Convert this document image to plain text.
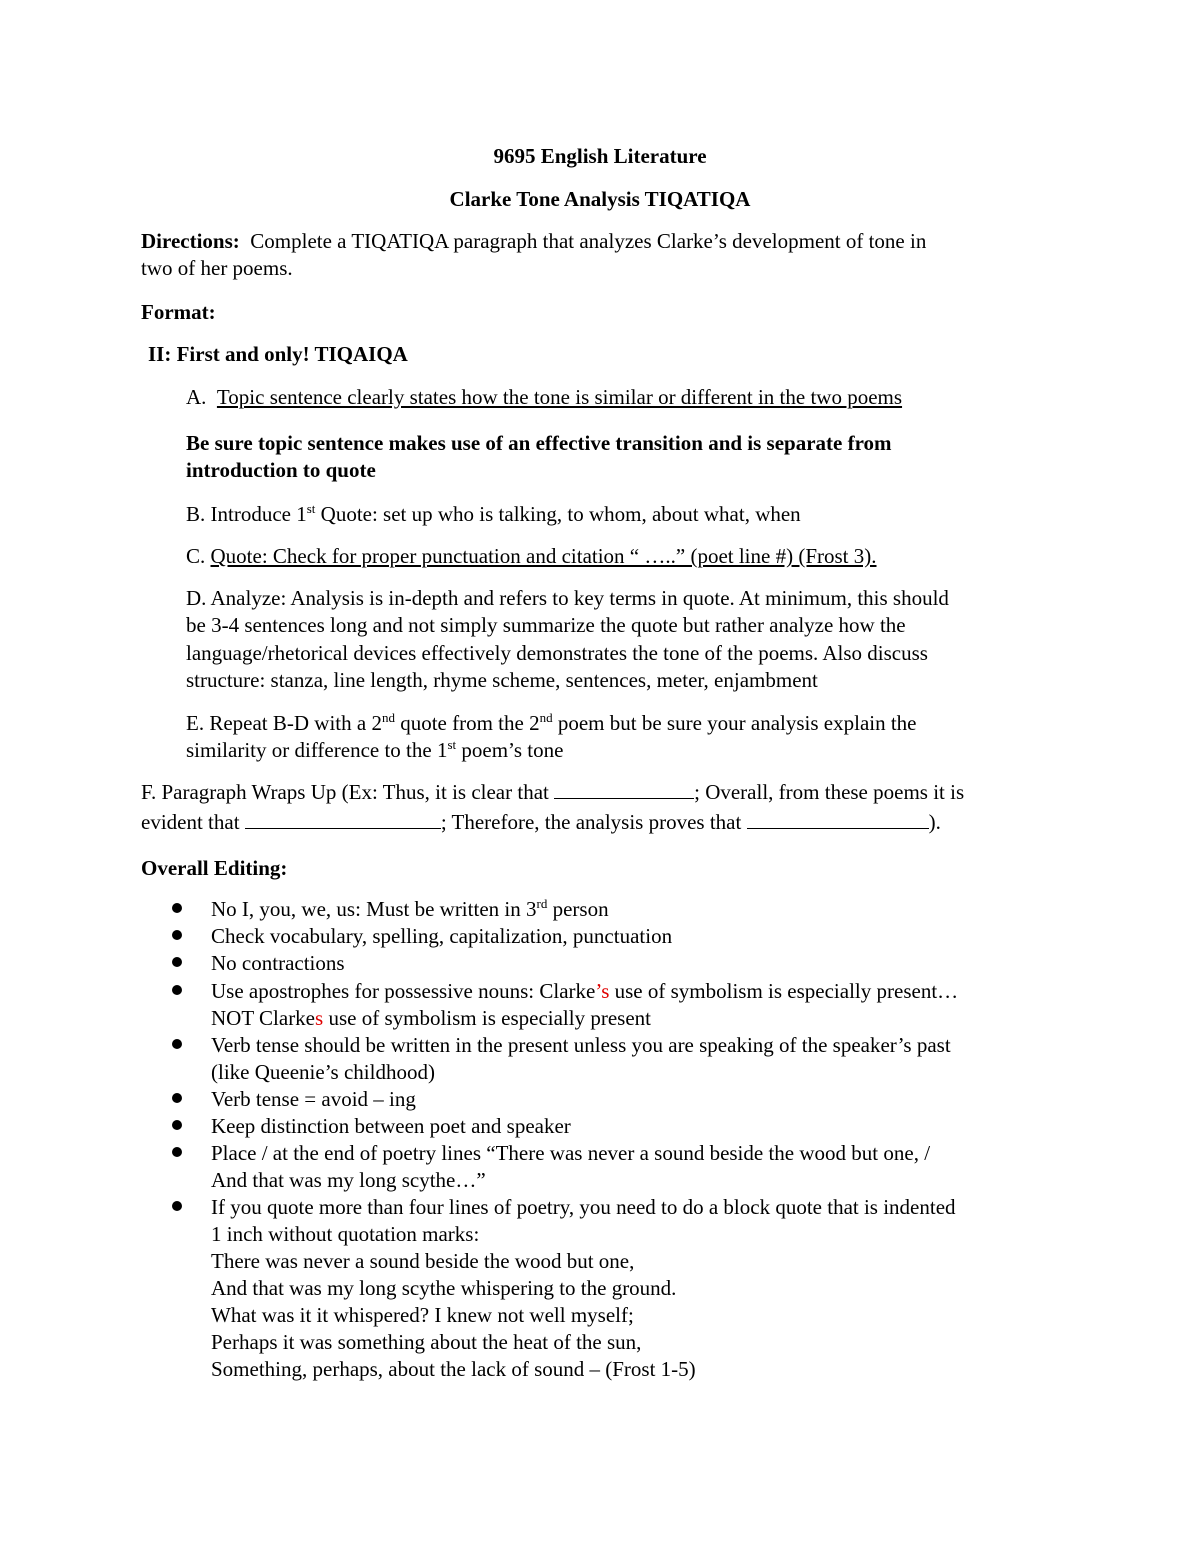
9695 English Literature
Clarke Tone Analysis TIQATIQA
Directions: Complete a TIQATIQA paragraph that analyzes Clarke’s development of tone in
two of her poems.
Format:
II: First and only! TIQAIQA
A. Topic sentence clearly states how the tone is similar or different in the two poems
Be sure topic sentence makes use of an effective transition and is separate from
introduction to quote
B. Introduce 1st Quote: set up who is talking, to whom, about what, when
C. Quote: Check for proper punctuation and citation “ …..” (poet line #) (Frost 3).
D. Analyze: Analysis is in-depth and refers to key terms in quote. At minimum, this should
be 3-4 sentences long and not simply summarize the quote but rather analyze how the
language/rhetorical devices effectively demonstrates the tone of the poems. Also discuss
structure: stanza, line length, rhyme scheme, sentences, meter, enjambment
E. Repeat B-D with a 2nd quote from the 2nd poem but be sure your analysis explain the
similarity or difference to the 1st poem’s tone
F. Paragraph Wraps Up (Ex: Thus, it is clear that	; Overall, from these poems it is
evident that	; Therefore, the analysis proves that	).
Overall Editing:
No I, you, we, us: Must be written in 3rd person
Check vocabulary, spelling, capitalization, punctuation
No contractions
Use apostrophes for possessive nouns: Clarke’s use of symbolism is especially present…
NOT Clarkes use of symbolism is especially present
Verb tense should be written in the present unless you are speaking of the speaker’s past
(like Queenie’s childhood)
Verb tense = avoid – ing
Keep distinction between poet and speaker
Place / at the end of poetry lines “There was never a sound beside the wood but one, /
And that was my long scythe…”
If you quote more than four lines of poetry, you need to do a block quote that is indented
1 inch without quotation marks:
There was never a sound beside the wood but one,
And that was my long scythe whispering to the ground.
What was it it whispered? I knew not well myself;
Perhaps it was something about the heat of the sun,
Something, perhaps, about the lack of sound – (Frost 1-5)
